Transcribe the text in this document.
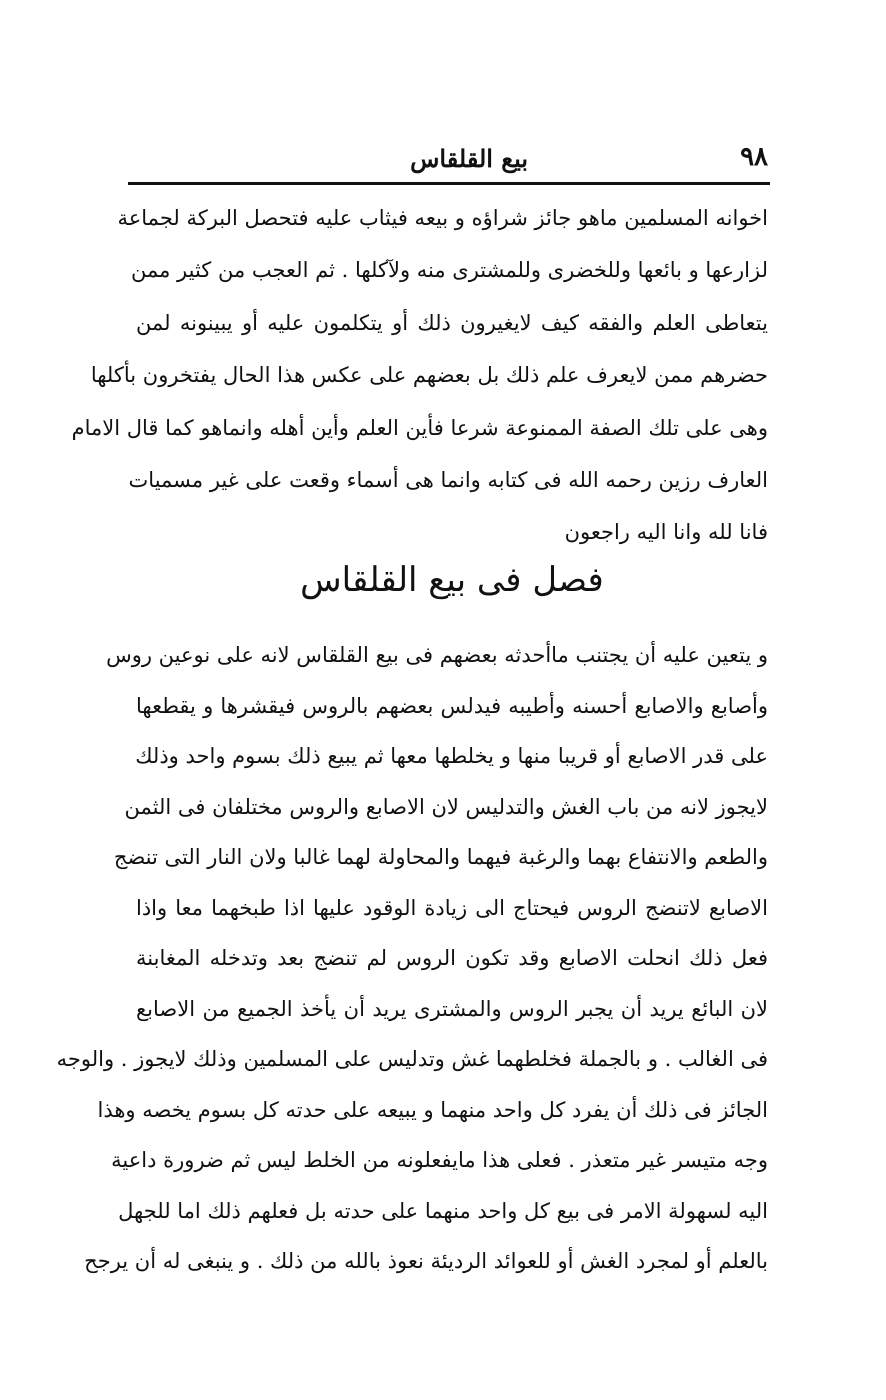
٩٨
بيع القلقاس
اخوانه المسلمين ماهو جائز شراؤه و بيعه فيثاب عليه فتحصل البركة لجماعة
لزارعها و بائعها وللخضرى وللمشترى منه ولآكلها . ثم العجب من كثير ممن
يتعاطى العلم والفقه كيف لايغيرون ذلك أو يتكلمون عليه أو يبينونه لمن
حضرهم ممن لايعرف علم ذلك بل بعضهم على عكس هذا الحال يفتخرون بأكلها
وهى على تلك الصفة الممنوعة شرعا فأين العلم وأين أهله وانماهو كما قال الامام
العارف رزين رحمه الله فى كتابه وانما هى أسماء وقعت على غير مسميات
فانا لله وانا اليه راجعون
فصل فى بيع القلقاس
و يتعين عليه أن يجتنب ماأحدثه بعضهم فى بيع القلقاس لانه على نوعين روس
وأصابع والاصابع أحسنه وأطيبه فيدلس بعضهم بالروس فيقشرها و يقطعها
على قدر الاصابع أو قريبا منها و يخلطها معها ثم يبيع ذلك بسوم واحد وذلك
لايجوز لانه من باب الغش والتدليس لان الاصابع والروس مختلفان فى الثمن
والطعم والانتفاع بهما والرغبة فيهما والمحاولة لهما غالبا ولان النار التى تنضج
الاصابع لاتنضج الروس فيحتاج الى زيادة الوقود عليها اذا طبخهما معا واذا
فعل ذلك انحلت الاصابع وقد تكون الروس لم تنضج بعد وتدخله المغابنة
لان البائع يريد أن يجبر الروس والمشترى يريد أن يأخذ الجميع من الاصابع
فى الغالب . و بالجملة فخلطهما غش وتدليس على المسلمين وذلك لايجوز . والوجه
الجائز فى ذلك أن يفرد كل واحد منهما و يبيعه على حدته كل بسوم يخصه وهذا
وجه متيسر غير متعذر . فعلى هذا مايفعلونه من الخلط ليس ثم ضرورة داعية
اليه لسهولة الامر فى بيع كل واحد منهما على حدته بل فعلهم ذلك اما للجهل
بالعلم أو لمجرد الغش أو للعوائد الرديئة نعوذ بالله من ذلك . و ينبغى له أن يرجح
